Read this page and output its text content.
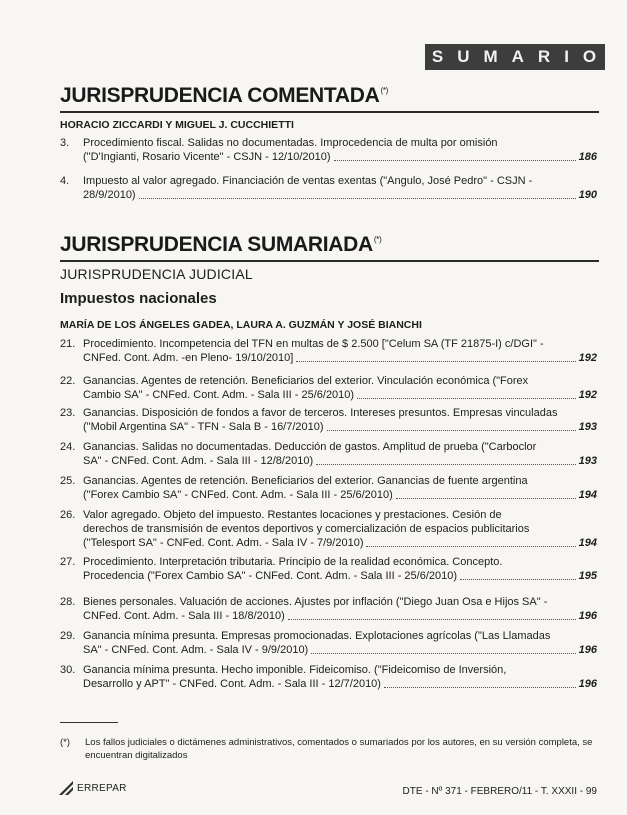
SUMARIO
JURISPRUDENCIA COMENTADA(*)
HORACIO ZICCARDI Y MIGUEL J. CUCCHIETTI
3. Procedimiento fiscal. Salidas no documentadas. Improcedencia de multa por omisión
("D'Ingianti, Rosario Vicente" - CSJN - 12/10/2010)	186
4. Impuesto al valor agregado. Financiación de ventas exentas ("Angulo, José Pedro" - CSJN -
28/9/2010)	190
JURISPRUDENCIA SUMARIADA(*)
JURISPRUDENCIA JUDICIAL
Impuestos nacionales
MARÍA DE LOS ÁNGELES GADEA, LAURA A. GUZMÁN Y JOSÉ BIANCHI
21. Procedimiento. Incompetencia del TFN en multas de $ 2.500 ["Celum SA (TF 21875-I) c/DGI" -
CNFed. Cont. Adm. -en Pleno- 19/10/2010]	192
22. Ganancias. Agentes de retención. Beneficiarios del exterior. Vinculación económica ("Forex
Cambio SA" - CNFed. Cont. Adm. - Sala III - 25/6/2010)	192
23. Ganancias. Disposición de fondos a favor de terceros. Intereses presuntos. Empresas vinculadas
("Mobil Argentina SA" - TFN - Sala B - 16/7/2010)	193
24. Ganancias. Salidas no documentadas. Deducción de gastos. Amplitud de prueba ("Carboclor
SA" - CNFed. Cont. Adm. - Sala III - 12/8/2010)	193
25. Ganancias. Agentes de retención. Beneficiarios del exterior. Ganancias de fuente argentina
("Forex Cambio SA" - CNFed. Cont. Adm. - Sala III - 25/6/2010)	194
26. Valor agregado. Objeto del impuesto. Restantes locaciones y prestaciones. Cesión de
derechos de transmisión de eventos deportivos y comercialización de espacios publicitarios
("Telesport SA" - CNFed. Cont. Adm. - Sala IV - 7/9/2010)	194
27. Procedimiento. Interpretación tributaria. Principio de la realidad económica. Concepto.
Procedencia ("Forex Cambio SA" - CNFed. Cont. Adm. - Sala III - 25/6/2010)	195
28. Bienes personales. Valuación de acciones. Ajustes por inflación ("Diego Juan Osa e Hijos SA" -
CNFed. Cont. Adm. - Sala III - 18/8/2010)	196
29. Ganancia mínima presunta. Empresas promocionadas. Explotaciones agrícolas ("Las Llamadas
SA" - CNFed. Cont. Adm. - Sala IV - 9/9/2010)	196
30. Ganancia mínima presunta. Hecho imponible. Fideicomiso. ("Fideicomiso de Inversión,
Desarrollo y APT" - CNFed. Cont. Adm. - Sala III - 12/7/2010)	196
(*) Los fallos judiciales o dictámenes administrativos, comentados o sumariados por los autores, en su versión completa, se encuentran digitalizados
ERREPAR	DTE - Nº 371 - FEBRERO/11 - T. XXXII - 99
